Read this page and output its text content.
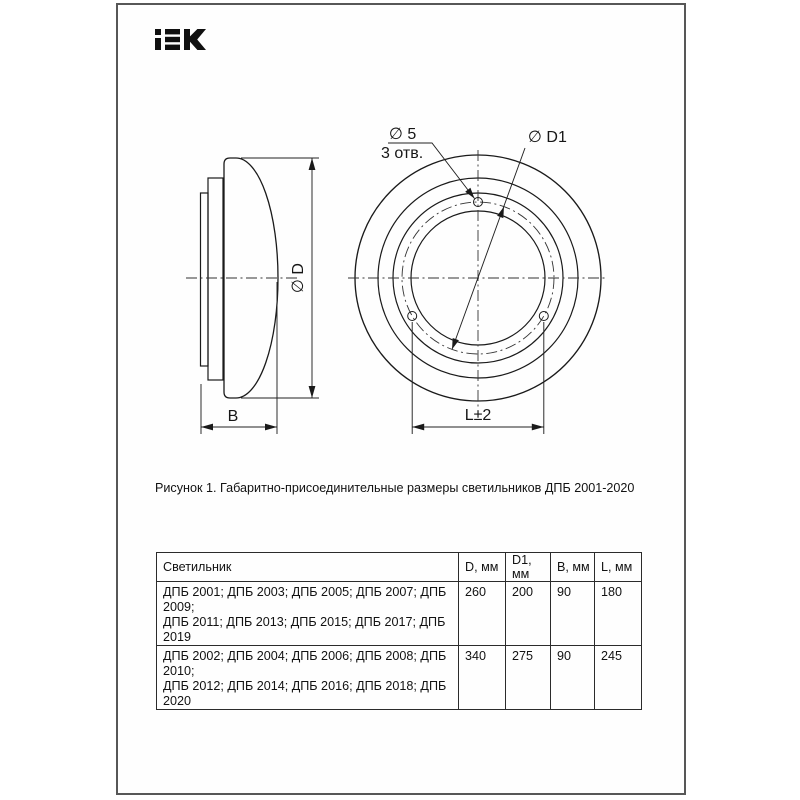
∅ D
B
∅ 5
3 отв.
∅ D1
L±2
Рисунок 1. Габаритно-присоединительные размеры светильников ДПБ 2001-2020
Светильник	D, мм	D1, мм	B, мм	L, мм

ДПБ 2001; ДПБ 2003; ДПБ 2005; ДПБ 2007; ДПБ 2009;
ДПБ 2011; ДПБ 2013; ДПБ 2015; ДПБ 2017; ДПБ 2019	260	200	90	180

ДПБ 2002; ДПБ 2004; ДПБ 2006; ДПБ 2008; ДПБ 2010;
ДПБ 2012; ДПБ 2014; ДПБ 2016; ДПБ 2018; ДПБ 2020	340	275	90	245
